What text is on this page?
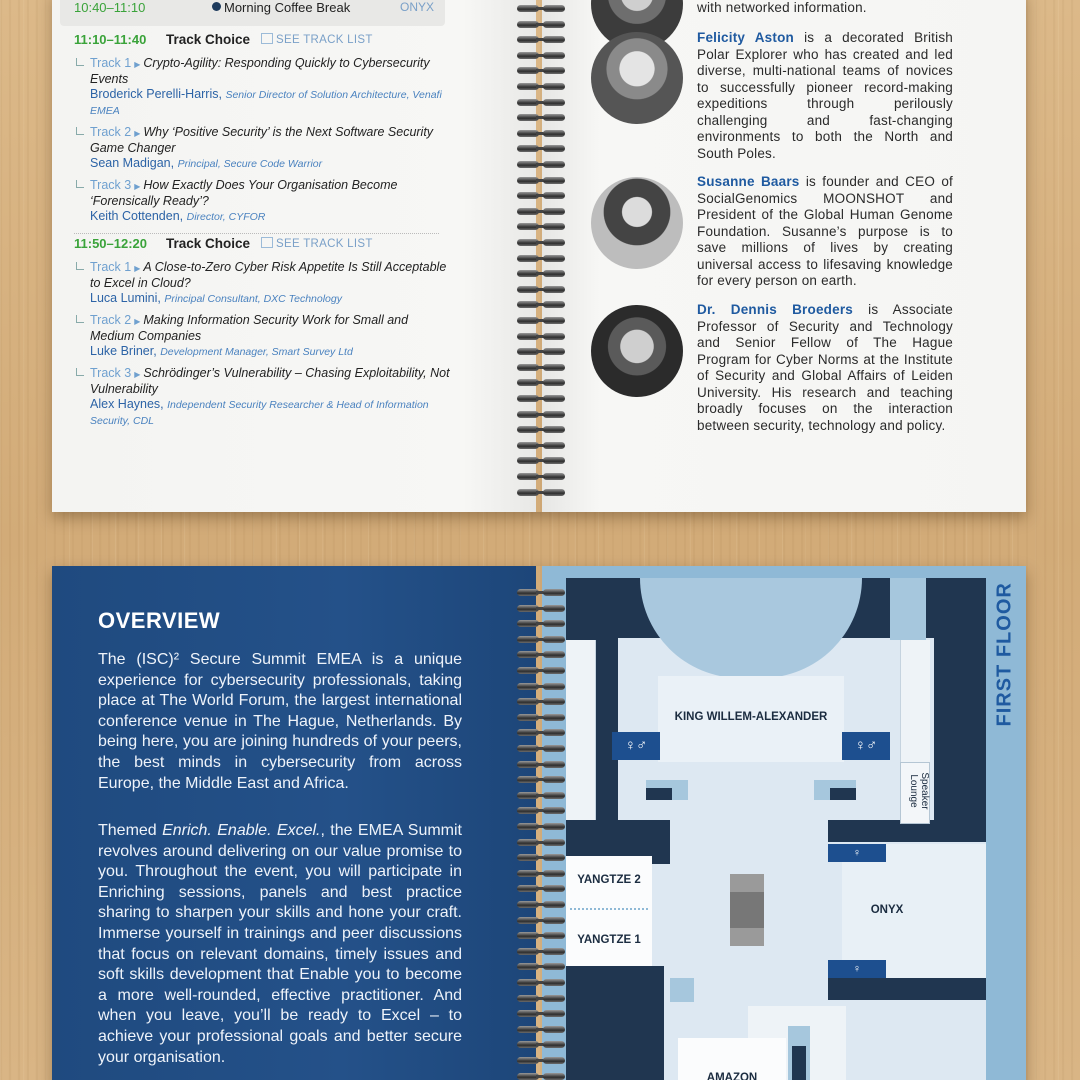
10:40–11:10	Morning Coffee Break	ONYX
11:10–11:40 Track Choice	SEE TRACK LIST
Track 1 ▶ Crypto-Agility: Responding Quickly to Cybersecurity Events
Broderick Perelli-Harris, Senior Director of Solution Architecture, Venafi EMEA
Track 2 ▶ Why ‘Positive Security’ is the Next Software Security Game Changer
Sean Madigan, Principal, Secure Code Warrior
Track 3 ▶ How Exactly Does Your Organisation Become ‘Forensically Ready’?
Keith Cottenden, Director, CYFOR
11:50–12:20 Track Choice	SEE TRACK LIST
Track 1 ▶ A Close-to-Zero Cyber Risk Appetite Is Still Acceptable to Excel in Cloud?
Luca Lumini, Principal Consultant, DXC Technology
Track 2 ▶ Making Information Security Work for Small and Medium Companies
Luke Briner, Development Manager, Smart Survey Ltd
Track 3 ▶ Schrödinger’s Vulnerability – Chasing Exploitability, Not Vulnerability
Alex Haynes, Independent Security Researcher & Head of Information Security, CDL
with networked information.
Felicity Aston is a decorated British Polar Explorer who has created and led diverse, multi-national teams of novices to successfully pioneer record-making expeditions through perilously challenging and fast-changing environments to both the North and South Poles.
Susanne Baars is founder and CEO of SocialGenomics MOONSHOT and President of the Global Human Genome Foundation. Susanne’s purpose is to save millions of lives by creating universal access to lifesaving knowledge for every person on earth.
Dr. Dennis Broeders is Associate Professor of Security and Technology and Senior Fellow of The Hague Program for Cyber Norms at the Institute of Security and Global Affairs of Leiden University. His research and teaching broadly focuses on the interaction between security, technology and policy.
OVERVIEW
The (ISC)² Secure Summit EMEA is a unique experience for cybersecurity professionals, taking place at The World Forum, the largest international conference venue in The Hague, Netherlands. By being here, you are joining hundreds of your peers, the best minds in cybersecurity from across Europe, the Middle East and Africa.
Themed Enrich. Enable. Excel., the EMEA Summit revolves around delivering on our value promise to you. Throughout the event, you will participate in Enriching sessions, panels and best practice sharing to sharpen your skills and hone your craft. Immerse yourself in trainings and peer discussions that focus on relevant domains, timely issues and soft skills development that Enable you to become a more well-rounded, effective practitioner. And when you leave, you’ll be ready to Excel – to achieve your professional goals and better secure your organisation.
KING WILLEM-ALEXANDER
♀♂	♀♂
Speaker Lounge
YANGTZE 2
YANGTZE 1
ONYX
♀
♀
AMAZON
FIRST FLOOR
